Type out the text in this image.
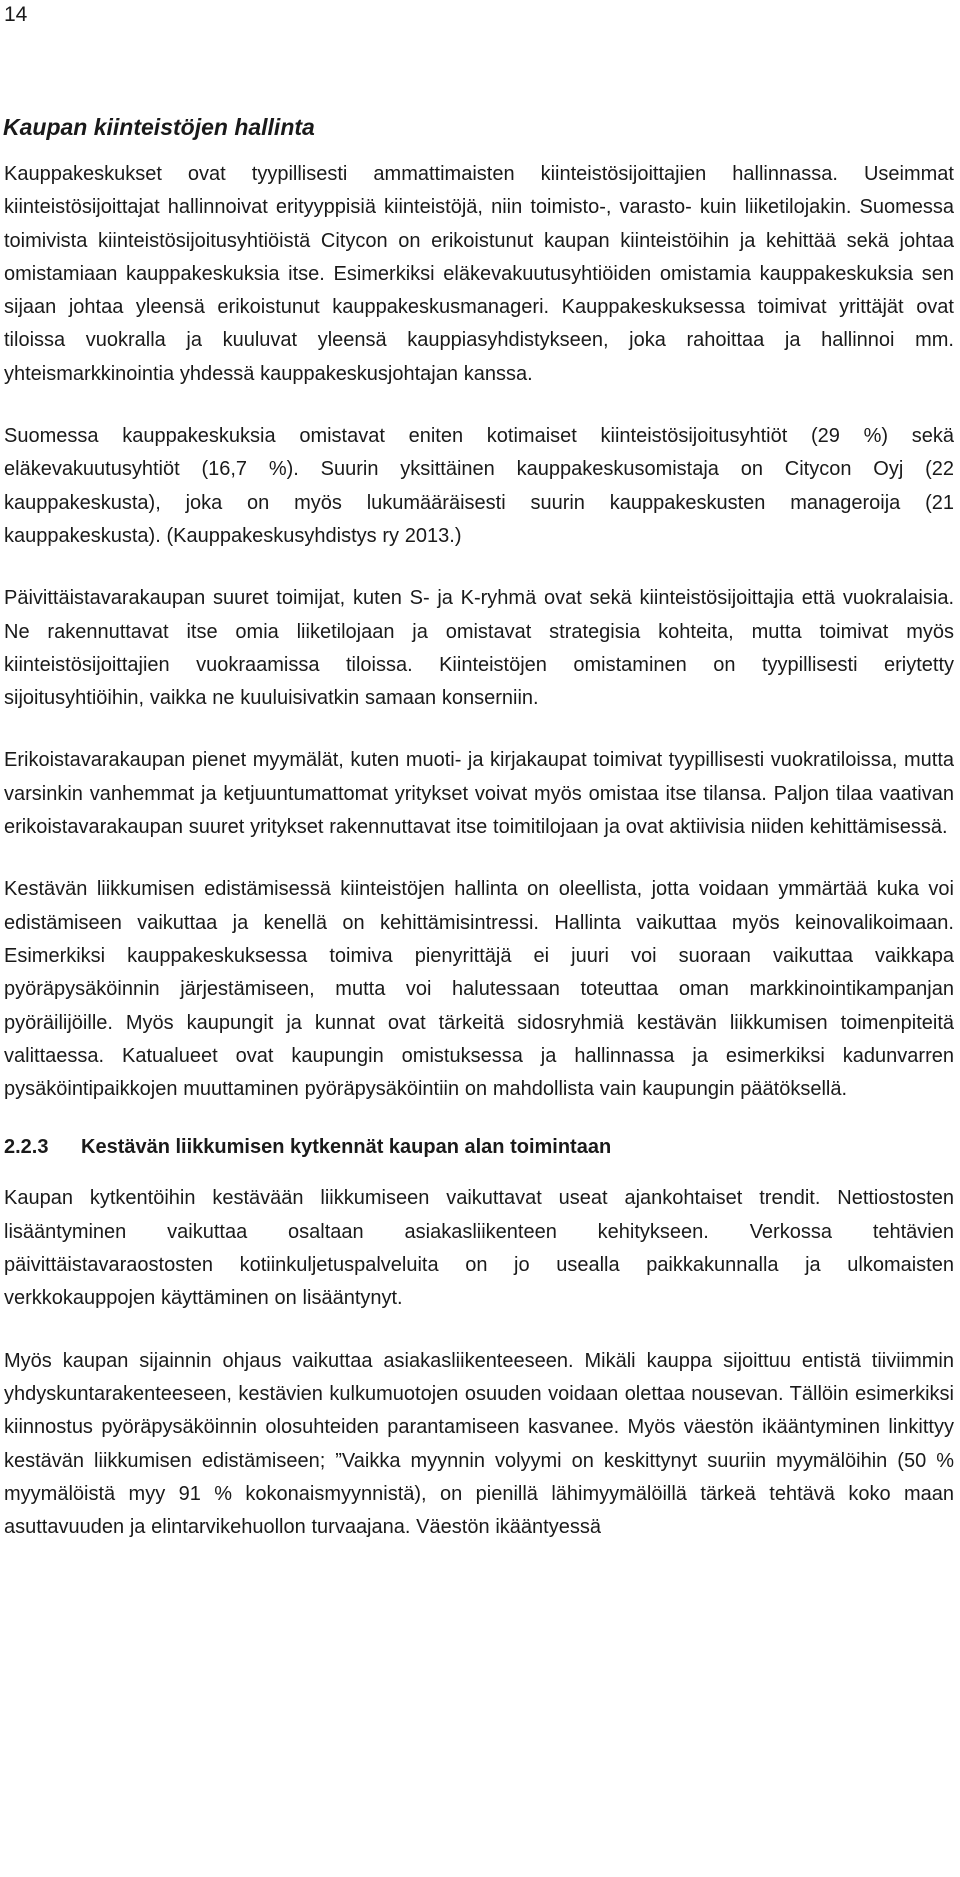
14

Kaupan kiinteistöjen hallinta

Kauppakeskukset ovat tyypillisesti ammattimaisten kiinteistösijoittajien hallinnassa. Useimmat kiinteistösijoittajat hallinnoivat erityyppisiä kiinteistöjä, niin toimisto-, varasto- kuin liiketilojakin. Suomessa toimivista kiinteistösijoitusyhtiöistä Citycon on erikoistunut kaupan kiinteistöihin ja kehittää sekä johtaa omistamiaan kauppakeskuksia itse. Esimerkiksi eläkevakuutusyhtiöiden omistamia kauppakeskuksia sen sijaan johtaa yleensä erikoistunut kauppakeskusmanageri. Kauppakeskuksessa toimivat yrittäjät ovat tiloissa vuokralla ja kuuluvat yleensä kauppiasyhdistykseen, joka rahoittaa ja hallinnoi mm. yhteismarkkinointia yhdessä kauppakeskusjohtajan kanssa.

Suomessa kauppakeskuksia omistavat eniten kotimaiset kiinteistösijoitusyhtiöt (29 %) sekä eläkevakuutusyhtiöt (16,7 %). Suurin yksittäinen kauppakeskusomistaja on Citycon Oyj (22 kauppakeskusta), joka on myös lukumääräisesti suurin kauppakeskusten manageroija (21 kauppakeskusta). (Kauppakeskusyhdistys ry 2013.)

Päivittäistavarakaupan suuret toimijat, kuten S- ja K-ryhmä ovat sekä kiinteistösijoittajia että vuokralaisia. Ne rakennuttavat itse omia liiketilojaan ja omistavat strategisia kohteita, mutta toimivat myös kiinteistösijoittajien vuokraamissa tiloissa. Kiinteistöjen omistaminen on tyypillisesti eriytetty sijoitusyhtiöihin, vaikka ne kuuluisivatkin samaan konserniin.

Erikoistavarakaupan pienet myymälät, kuten muoti- ja kirjakaupat toimivat tyypillisesti vuokratiloissa, mutta varsinkin vanhemmat ja ketjuuntumattomat yritykset voivat myös omistaa itse tilansa. Paljon tilaa vaativan erikoistavarakaupan suuret yritykset rakennuttavat itse toimitilojaan ja ovat aktiivisia niiden kehittämisessä.

Kestävän liikkumisen edistämisessä kiinteistöjen hallinta on oleellista, jotta voidaan ymmärtää kuka voi edistämiseen vaikuttaa ja kenellä on kehittämisintressi. Hallinta vaikuttaa myös keinovalikoimaan. Esimerkiksi kauppakeskuksessa toimiva pienyrittäjä ei juuri voi suoraan vaikuttaa vaikkapa pyöräpysäköinnin järjestämiseen, mutta voi halutessaan toteuttaa oman markkinointikampanjan pyöräilijöille. Myös kaupungit ja kunnat ovat tärkeitä sidosryhmiä kestävän liikkumisen toimenpiteitä valittaessa. Katualueet ovat kaupungin omistuksessa ja hallinnassa ja esimerkiksi kadunvarren pysäköintipaikkojen muuttaminen pyöräpysäköintiin on mahdollista vain kaupungin päätöksellä.

2.2.3 Kestävän liikkumisen kytkennät kaupan alan toimintaan

Kaupan kytkentöihin kestävään liikkumiseen vaikuttavat useat ajankohtaiset trendit. Nettiostosten lisääntyminen vaikuttaa osaltaan asiakasliikenteen kehitykseen. Verkossa tehtävien päivittäistavaraostosten kotiinkuljetuspalveluita on jo usealla paikkakunnalla ja ulkomaisten verkkokauppojen käyttäminen on lisääntynyt.

Myös kaupan sijainnin ohjaus vaikuttaa asiakasliikenteeseen. Mikäli kauppa sijoittuu entistä tiiviimmin yhdyskuntarakenteeseen, kestävien kulkumuotojen osuuden voidaan olettaa nousevan. Tällöin esimerkiksi kiinnostus pyöräpysäköinnin olosuhteiden parantamiseen kasvanee. Myös väestön ikääntyminen linkittyy kestävän liikkumisen edistämiseen; ”Vaikka myynnin volyymi on keskittynyt suuriin myymälöihin (50 % myymälöistä myy 91 % kokonaismyynnistä), on pienillä lähimyymälöillä tärkeä tehtävä koko maan asuttavuuden ja elintarvikehuollon turvaajana. Väestön ikääntyessä
